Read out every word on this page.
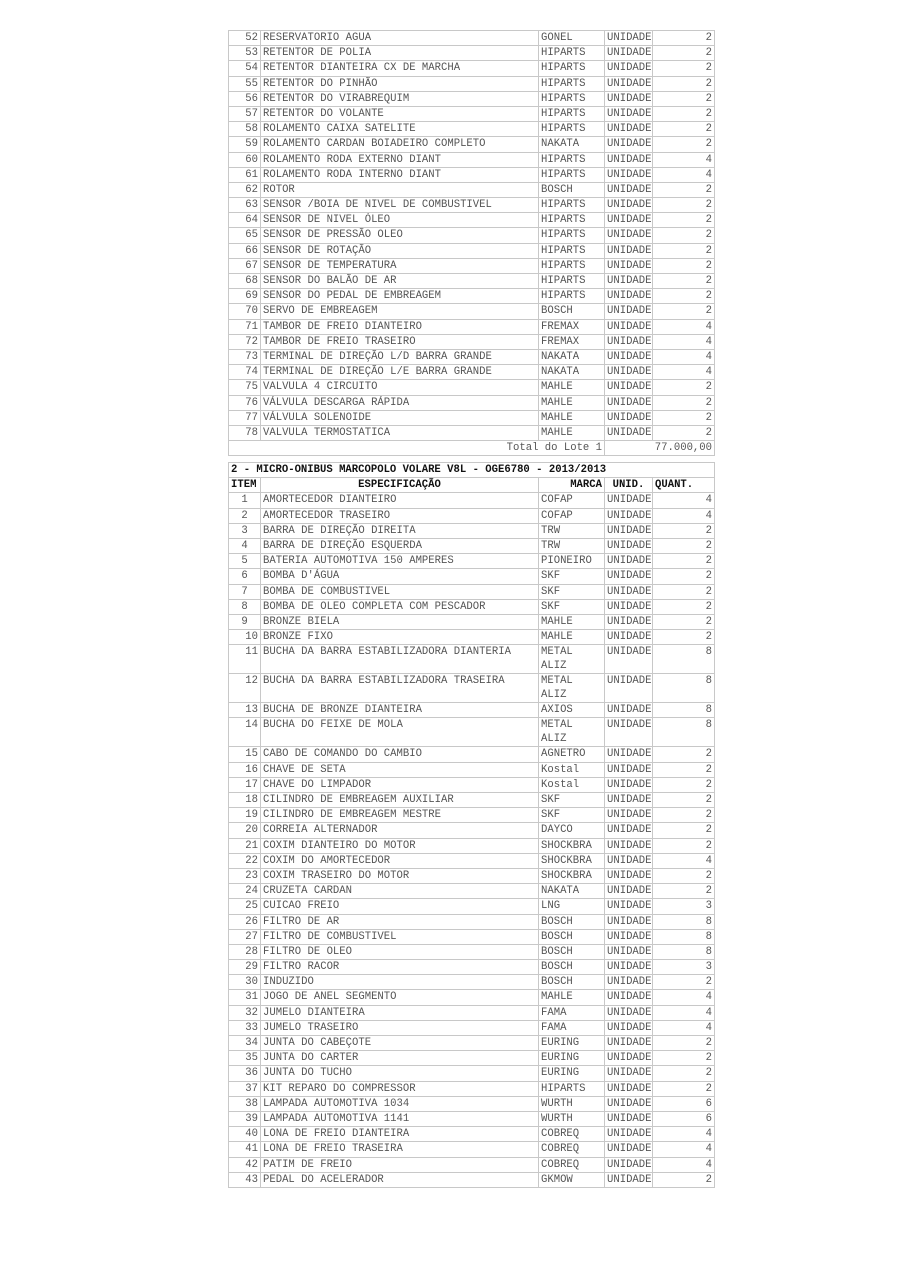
52	RESERVATORIO AGUA	GONEL	UNIDADE	2
53	RETENTOR DE POLIA	HIPARTS	UNIDADE	2
54	RETENTOR DIANTEIRA CX DE MARCHA	HIPARTS	UNIDADE	2
55	RETENTOR DO PINHÃO	HIPARTS	UNIDADE	2
56	RETENTOR DO VIRABREQUIM	HIPARTS	UNIDADE	2
57	RETENTOR DO VOLANTE	HIPARTS	UNIDADE	2
58	ROLAMENTO CAIXA SATELITE	HIPARTS	UNIDADE	2
59	ROLAMENTO CARDAN BOIADEIRO COMPLETO	NAKATA	UNIDADE	2
60	ROLAMENTO RODA EXTERNO DIANT	HIPARTS	UNIDADE	4
61	ROLAMENTO RODA INTERNO DIANT	HIPARTS	UNIDADE	4
62	ROTOR	BOSCH	UNIDADE	2
63	SENSOR /BOIA DE NIVEL DE COMBUSTIVEL	HIPARTS	UNIDADE	2
64	SENSOR DE NIVEL ÓLEO	HIPARTS	UNIDADE	2
65	SENSOR DE PRESSÃO OLEO	HIPARTS	UNIDADE	2
66	SENSOR DE ROTAÇÃO	HIPARTS	UNIDADE	2
67	SENSOR DE TEMPERATURA	HIPARTS	UNIDADE	2
68	SENSOR DO BALÃO DE AR	HIPARTS	UNIDADE	2
69	SENSOR DO PEDAL DE EMBREAGEM	HIPARTS	UNIDADE	2
70	SERVO DE EMBREAGEM	BOSCH	UNIDADE	2
71	TAMBOR DE FREIO DIANTEIRO	FREMAX	UNIDADE	4
72	TAMBOR DE FREIO TRASEIRO	FREMAX	UNIDADE	4
73	TERMINAL DE DIREÇÃO L/D BARRA GRANDE	NAKATA	UNIDADE	4
74	TERMINAL DE DIREÇÃO L/E BARRA GRANDE	NAKATA	UNIDADE	4
75	VALVULA 4 CIRCUITO	MAHLE	UNIDADE	2
76	VÁLVULA DESCARGA RÁPIDA	MAHLE	UNIDADE	2
77	VÁLVULA SOLENOIDE	MAHLE	UNIDADE	2
78	VALVULA TERMOSTATICA	MAHLE	UNIDADE	2
Total do Lote 1			77.000,00	
2 - MICRO-ONIBUS MARCOPOLO VOLARE V8L - OGE6780 - 2013/2013				
ITEM	ESPECIFICAÇÃO	MARCA	UNID.	QUANT.
1	AMORTECEDOR DIANTEIRO	COFAP	UNIDADE	4
2	AMORTECEDOR TRASEIRO	COFAP	UNIDADE	4
3	BARRA DE DIREÇÃO DIREITA	TRW	UNIDADE	2
4	BARRA DE DIREÇÃO ESQUERDA	TRW	UNIDADE	2
5	BATERIA AUTOMOTIVA 150 AMPERES	PIONEIRO	UNIDADE	2
6	BOMBA D'ÁGUA	SKF	UNIDADE	2
7	BOMBA DE COMBUSTIVEL	SKF	UNIDADE	2
8	BOMBA DE OLEO COMPLETA COM PESCADOR	SKF	UNIDADE	2
9	BRONZE BIELA	MAHLE	UNIDADE	2
10	BRONZE FIXO	MAHLE	UNIDADE	2
11	BUCHA DA BARRA ESTABILIZADORA DIANTERIA	METAL ALIZ	UNIDADE	8
12	BUCHA DA BARRA ESTABILIZADORA TRASEIRA	METAL ALIZ	UNIDADE	8
13	BUCHA DE BRONZE DIANTEIRA	AXIOS	UNIDADE	8
14	BUCHA DO FEIXE DE MOLA	METAL ALIZ	UNIDADE	8
15	CABO DE COMANDO DO CAMBIO	AGNETRO	UNIDADE	2
16	CHAVE DE SETA	Kostal	UNIDADE	2
17	CHAVE DO LIMPADOR	Kostal	UNIDADE	2
18	CILINDRO DE EMBREAGEM AUXILIAR	SKF	UNIDADE	2
19	CILINDRO DE EMBREAGEM MESTRE	SKF	UNIDADE	2
20	CORREIA ALTERNADOR	DAYCO	UNIDADE	2
21	COXIM DIANTEIRO DO MOTOR	SHOCKBRA	UNIDADE	2
22	COXIM DO AMORTECEDOR	SHOCKBRA	UNIDADE	4
23	COXIM TRASEIRO DO MOTOR	SHOCKBRA	UNIDADE	2
24	CRUZETA CARDAN	NAKATA	UNIDADE	2
25	CUICAO FREIO	LNG	UNIDADE	3
26	FILTRO DE AR	BOSCH	UNIDADE	8
27	FILTRO DE COMBUSTIVEL	BOSCH	UNIDADE	8
28	FILTRO DE OLEO	BOSCH	UNIDADE	8
29	FILTRO RACOR	BOSCH	UNIDADE	3
30	INDUZIDO	BOSCH	UNIDADE	2
31	JOGO DE ANEL SEGMENTO	MAHLE	UNIDADE	4
32	JUMELO DIANTEIRA	FAMA	UNIDADE	4
33	JUMELO TRASEIRO	FAMA	UNIDADE	4
34	JUNTA DO CABEÇOTE	EURING	UNIDADE	2
35	JUNTA DO CARTER	EURING	UNIDADE	2
36	JUNTA DO TUCHO	EURING	UNIDADE	2
37	KIT REPARO DO COMPRESSOR	HIPARTS	UNIDADE	2
38	LAMPADA AUTOMOTIVA 1034	WURTH	UNIDADE	6
39	LAMPADA AUTOMOTIVA 1141	WURTH	UNIDADE	6
40	LONA DE FREIO DIANTEIRA	COBREQ	UNIDADE	4
41	LONA DE FREIO TRASEIRA	COBREQ	UNIDADE	4
42	PATIM DE FREIO	COBREQ	UNIDADE	4
43	PEDAL DO ACELERADOR	GKMOW	UNIDADE	2
